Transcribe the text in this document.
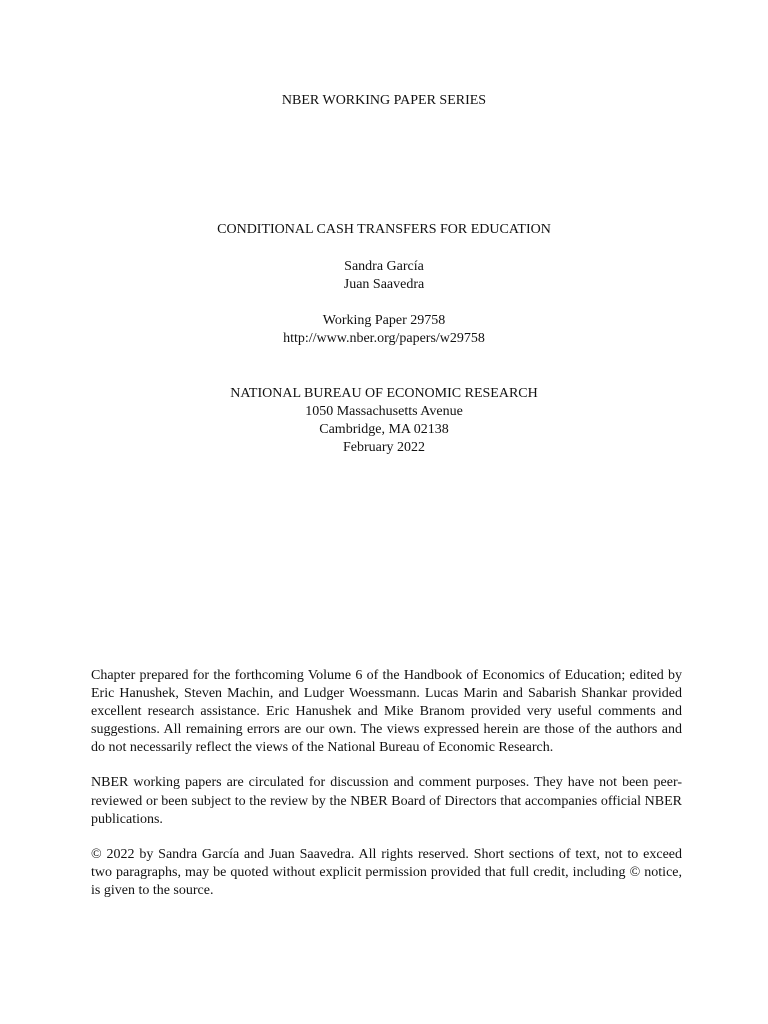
NBER WORKING PAPER SERIES
CONDITIONAL CASH TRANSFERS FOR EDUCATION
Sandra García
Juan Saavedra
Working Paper 29758
http://www.nber.org/papers/w29758
NATIONAL BUREAU OF ECONOMIC RESEARCH
1050 Massachusetts Avenue
Cambridge, MA 02138
February 2022

Chapter prepared for the forthcoming Volume 6 of the Handbook of Economics of Education; edited by Eric Hanushek, Steven Machin, and Ludger Woessmann. Lucas Marin and Sabarish Shankar provided excellent research assistance. Eric Hanushek and Mike Branom provided very useful comments and suggestions. All remaining errors are our own. The views expressed herein are those of the authors and do not necessarily reflect the views of the National Bureau of Economic Research.

NBER working papers are circulated for discussion and comment purposes. They have not been peer-reviewed or been subject to the review by the NBER Board of Directors that accompanies official NBER publications.

© 2022 by Sandra García and Juan Saavedra. All rights reserved. Short sections of text, not to exceed two paragraphs, may be quoted without explicit permission provided that full credit, including © notice, is given to the source.
